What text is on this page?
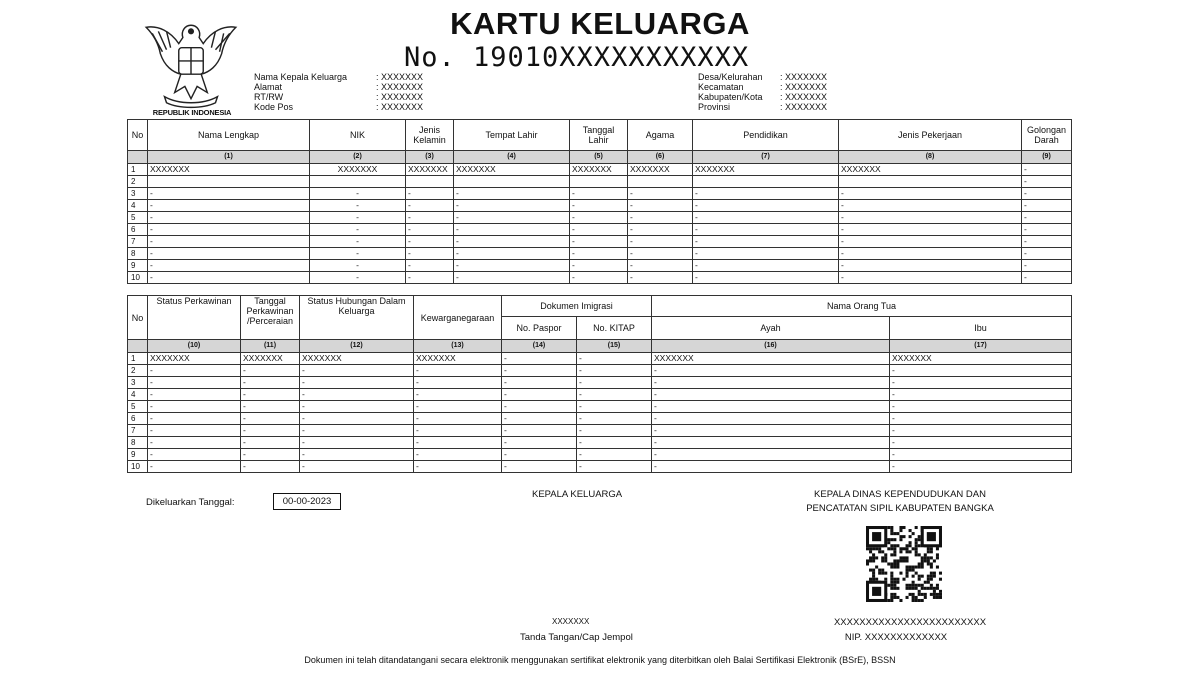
KARTU KELUARGA
No. 19010XXXXXXXXXXX
REPUBLIK INDONESIA
Nama Kepala Keluarga	: XXXXXXX
Alamat	: XXXXXXX
RT/RW	: XXXXXXX
Kode Pos	: XXXXXXX
Desa/Kelurahan	: XXXXXXX
Kecamatan	: XXXXXXX
Kabupaten/Kota	: XXXXXXX
Provinsi	: XXXXXXX
No	Nama Lengkap	NIK	Jenis Kelamin	Tempat Lahir	Tanggal Lahir	Agama	Pendidikan	Jenis Pekerjaan	Golongan Darah
	(1)	(2)	(3)	(4)	(5)	(6)	(7)	(8)	(9)
1	XXXXXXX	XXXXXXX	XXXXXXX	XXXXXXX	XXXXXXX	XXXXXXX	XXXXXXX	XXXXXXX	-
2									-
3	-	-	-	-	-	-	-	-	-
4	-	-	-	-	-	-	-	-	-
5	-	-	-	-	-	-	-	-	-
6	-	-	-	-	-	-	-	-	-
7	-	-	-	-	-	-	-	-	-
8	-	-	-	-	-	-	-	-	-
9	-	-	-	-	-	-	-	-	-
10	-	-	-	-	-	-	-	-	-
No	Status Perkawinan	Tanggal Perkawinan /Perceraian	Status Hubungan Dalam Keluarga	Kewarganegaraan	Dokumen Imigrasi		Nama Orang Tua	
					No. Paspor	No. KITAP	Ayah	Ibu
	(10)	(11)	(12)	(13)	(14)	(15)	(16)	(17)
1	XXXXXXX	XXXXXXX	XXXXXXX	XXXXXXX	-	-	XXXXXXX	XXXXXXX
2	-	-	-	-	-	-	-	-
3	-	-	-	-	-	-	-	-
4	-	-	-	-	-	-	-	-
5	-	-	-	-	-	-	-	-
6	-	-	-	-	-	-	-	-
7	-	-	-	-	-	-	-	-
8	-	-	-	-	-	-	-	-
9	-	-	-	-	-	-	-	-
10	-	-	-	-	-	-	-	-
Dikeluarkan Tanggal:	00-00-2023
KEPALA KELUARGA	KEPALA DINAS KEPENDUDUKAN DAN
PENCATATAN SIPIL KABUPATEN BANGKA
XXXXXXX
Tanda Tangan/Cap Jempol
XXXXXXXXXXXXXXXXXXXXXXXX
NIP. XXXXXXXXXXXXX
Dokumen ini telah ditandatangani secara elektronik menggunakan sertifikat elektronik yang diterbitkan oleh Balai Sertifikasi Elektronik (BSrE), BSSN
